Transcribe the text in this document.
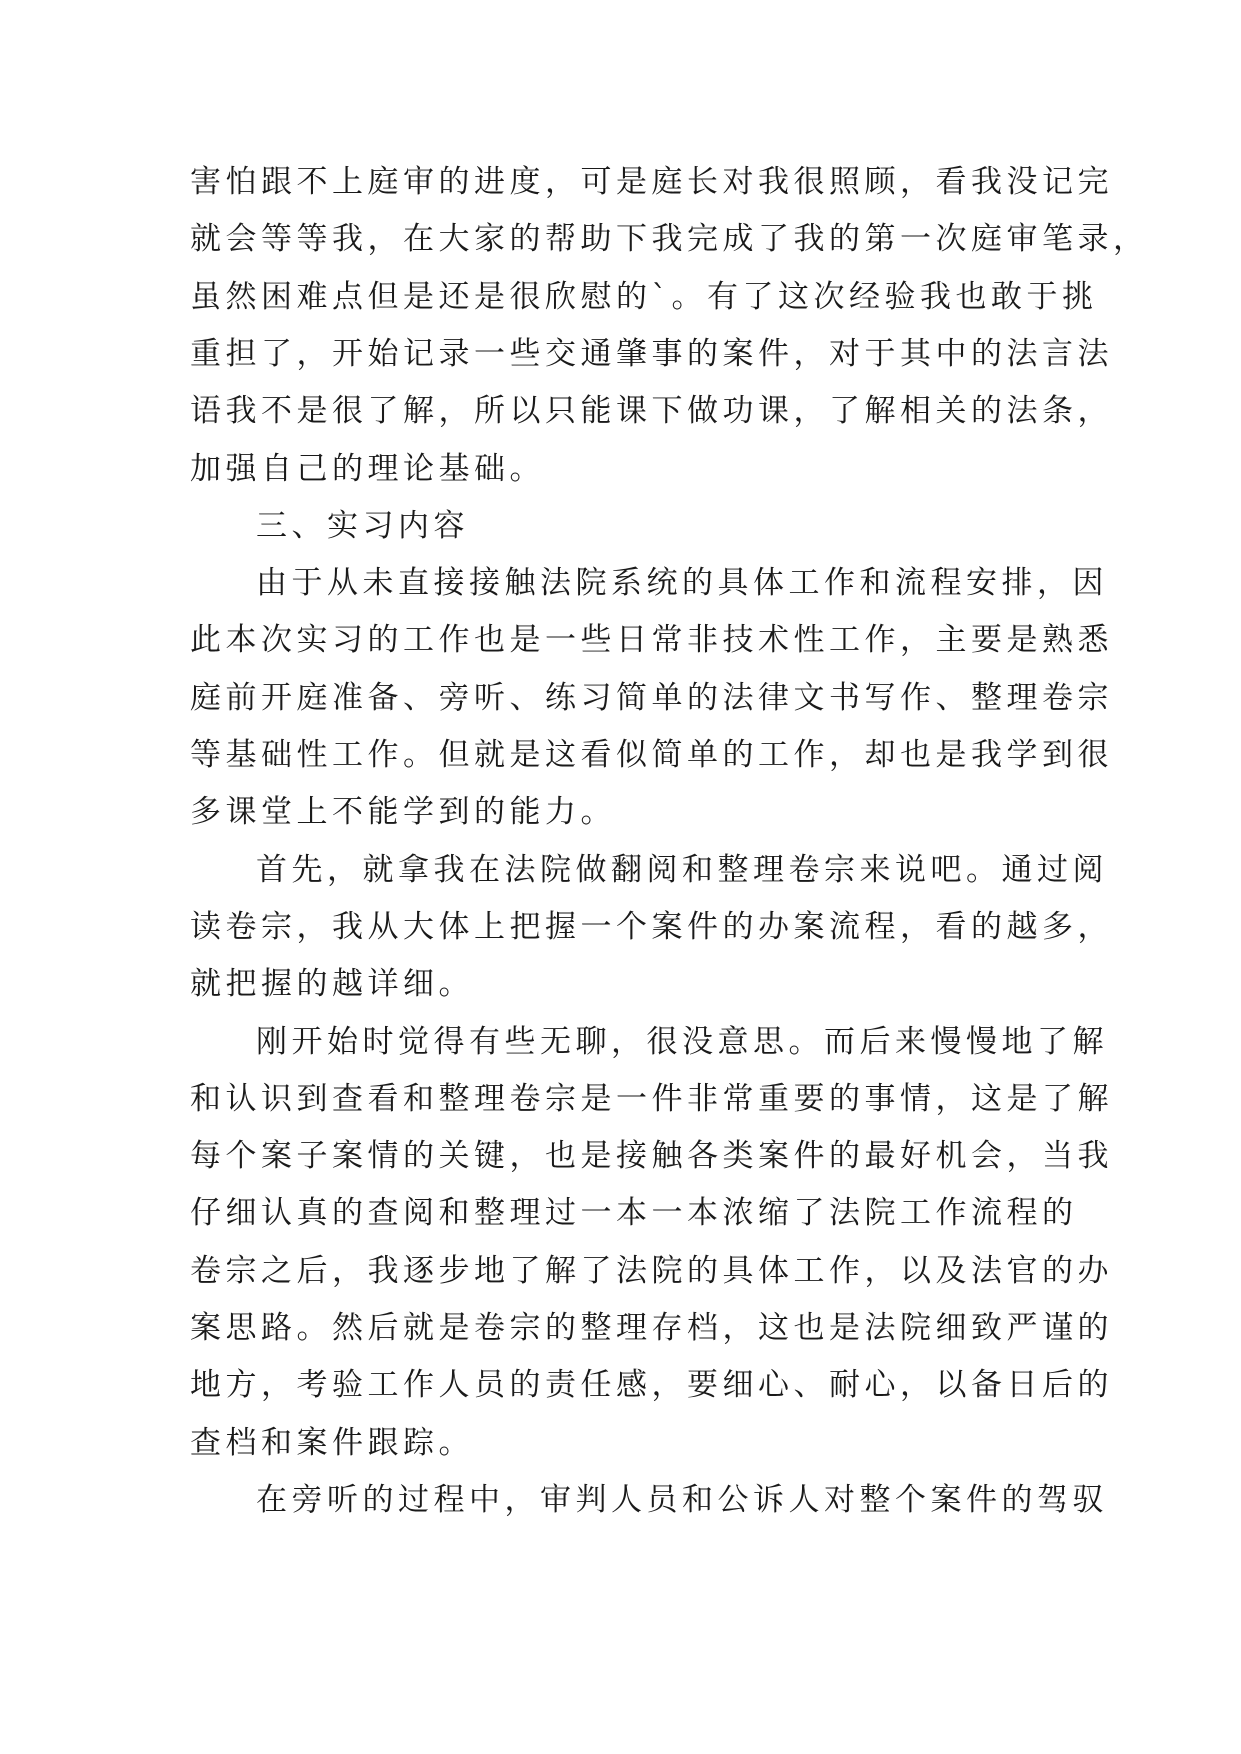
害怕跟不上庭审的进度，可是庭长对我很照顾，看我没记完
就会等等我，在大家的帮助下我完成了我的第一次庭审笔录，
虽然困难点但是还是很欣慰的`。有了这次经验我也敢于挑
重担了，开始记录一些交通肇事的案件，对于其中的法言法
语我不是很了解，所以只能课下做功课，了解相关的法条，
加强自己的理论基础。
三、实习内容
由于从未直接接触法院系统的具体工作和流程安排，因
此本次实习的工作也是一些日常非技术性工作，主要是熟悉
庭前开庭准备、旁听、练习简单的法律文书写作、整理卷宗
等基础性工作。但就是这看似简单的工作，却也是我学到很
多课堂上不能学到的能力。
首先，就拿我在法院做翻阅和整理卷宗来说吧。通过阅
读卷宗，我从大体上把握一个案件的办案流程，看的越多，
就把握的越详细。
刚开始时觉得有些无聊，很没意思。而后来慢慢地了解
和认识到查看和整理卷宗是一件非常重要的事情，这是了解
每个案子案情的关键，也是接触各类案件的最好机会，当我
仔细认真的查阅和整理过一本一本浓缩了法院工作流程的
卷宗之后，我逐步地了解了法院的具体工作，以及法官的办
案思路。然后就是卷宗的整理存档，这也是法院细致严谨的
地方，考验工作人员的责任感，要细心、耐心，以备日后的
查档和案件跟踪。
在旁听的过程中，审判人员和公诉人对整个案件的驾驭
